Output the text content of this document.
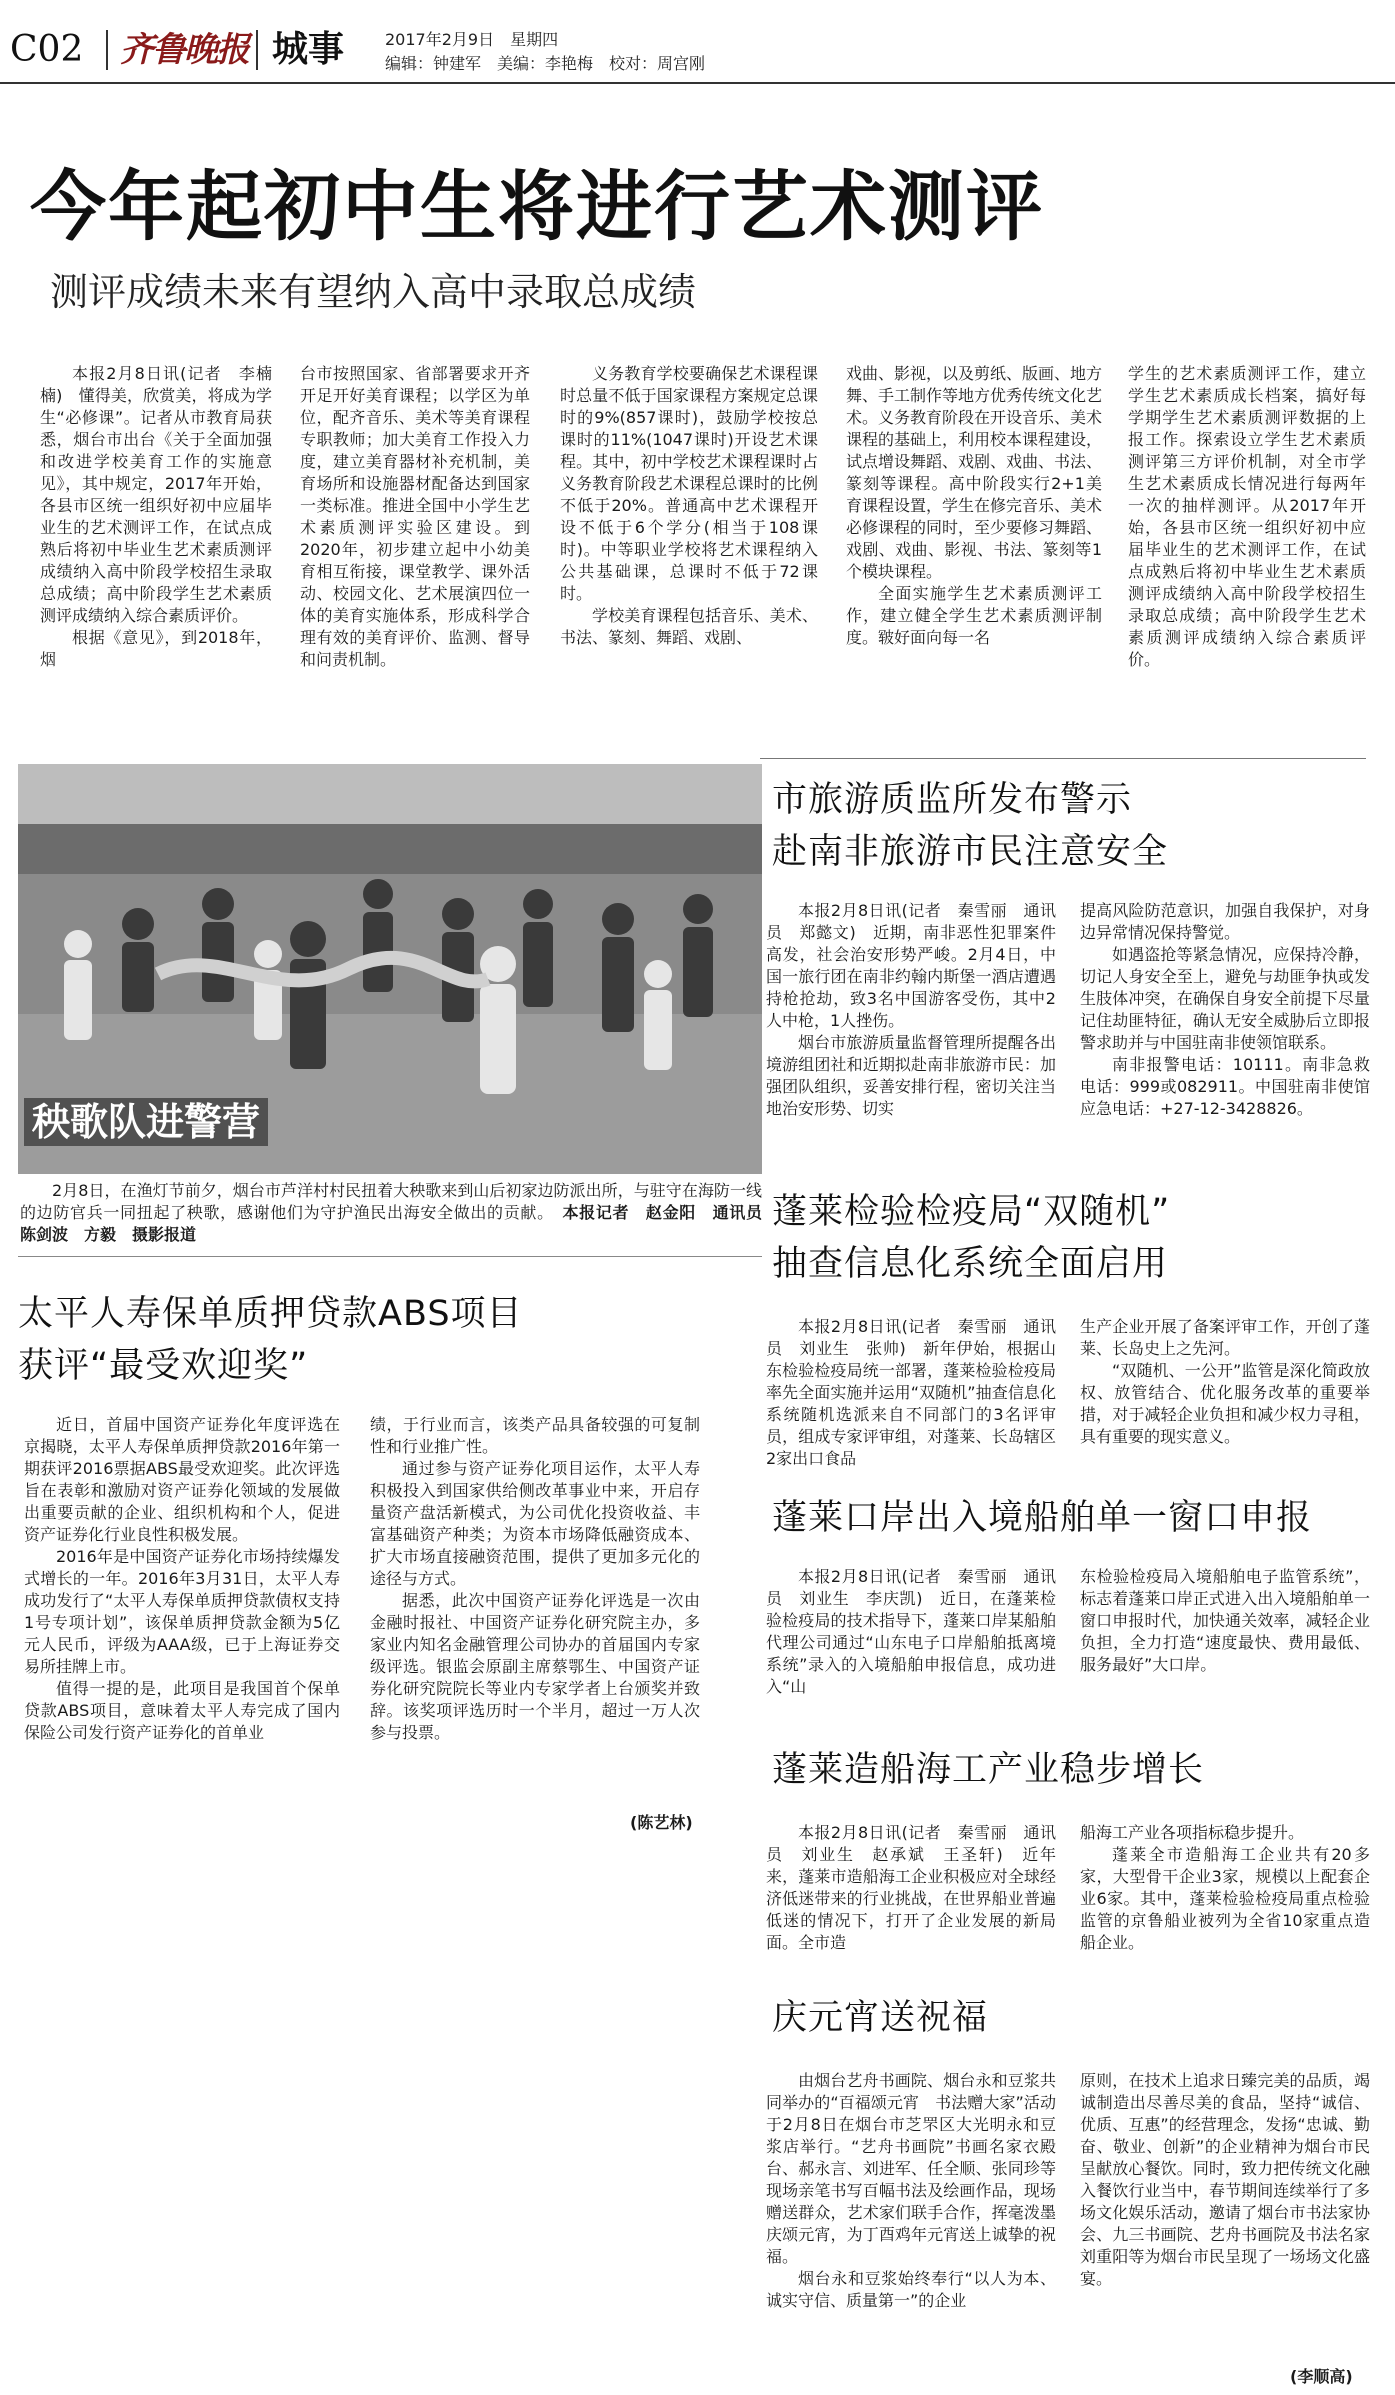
C02 齐鲁晚报 城事	2017年2月9日　星期四
编辑：钟建军　美编：李艳梅　校对：周宫刚
今年起初中生将进行艺术测评
测评成绩未来有望纳入高中录取总成绩

本报2月8日讯(记者　李楠楠)　懂得美，欣赏美，将成为学生“必修课”。记者从市教育局获悉，烟台市出台《关于全面加强和改进学校美育工作的实施意见》，其中规定，2017年开始，各县市区统一组织好初中应届毕业生的艺术测评工作，在试点成熟后将初中毕业生艺术素质测评成绩纳入高中阶段学校招生录取总成绩；高中阶段学生艺术素质测评成绩纳入综合素质评价。

根据《意见》，到2018年，烟

台市按照国家、省部署要求开齐开足开好美育课程；以学区为单位，配齐音乐、美术等美育课程专职教师；加大美育工作投入力度，建立美育器材补充机制，美育场所和设施器材配备达到国家一类标准。推进全国中小学生艺术素质测评实验区建设。到2020年，初步建立起中小幼美育相互衔接，课堂教学、课外活动、校园文化、艺术展演四位一体的美育实施体系，形成科学合理有效的美育评价、监测、督导和问责机制。

义务教育学校要确保艺术课程课时总量不低于国家课程方案规定总课时的9%(857课时)，鼓励学校按总课时的11%(1047课时)开设艺术课程。其中，初中学校艺术课程课时占义务教育阶段艺术课程总课时的比例不低于20%。普通高中艺术课程开设不低于6个学分(相当于108课时)。中等职业学校将艺术课程纳入公共基础课，总课时不低于72课时。

学校美育课程包括音乐、美术、书法、篆刻、舞蹈、戏剧、

戏曲、影视，以及剪纸、版画、地方舞、手工制作等地方优秀传统文化艺术。义务教育阶段在开设音乐、美术课程的基础上，利用校本课程建设，试点增设舞蹈、戏剧、戏曲、书法、篆刻等课程。高中阶段实行2+1美育课程设置，学生在修完音乐、美术必修课程的同时，至少要修习舞蹈、戏剧、戏曲、影视、书法、篆刻等1个模块课程。

全面实施学生艺术素质测评工作，建立健全学生艺术素质测评制度。皲好面向每一名

学生的艺术素质测评工作，建立学生艺术素质成长档案，搞好每学期学生艺术素质测评数据的上报工作。探索设立学生艺术素质测评第三方评价机制，对全市学生艺术素质成长情况进行每两年一次的抽样测评。从2017年开始，各县市区统一组织好初中应届毕业生的艺术测评工作，在试点成熟后将初中毕业生艺术素质测评成绩纳入高中阶段学校招生录取总成绩；高中阶段学生艺术素质测评成绩纳入综合素质评价。

秧歌队进警营

2月8日，在渔灯节前夕，烟台市芦洋村村民扭着大秧歌来到山后初家边防派出所，与驻守在海防一线的边防官兵一同扭起了秧歌，感谢他们为守护渔民出海安全做出的贡献。　 本报记者　赵金阳　通讯员　陈剑波　方毅　摄影报道

太平人寿保单质押贷款ABS项目
获评“最受欢迎奖”

近日，首届中国资产证券化年度评选在京揭晓，太平人寿保单质押贷款2016年第一期获评2016票据ABS最受欢迎奖。此次评选旨在表彰和激励对资产证券化领域的发展做出重要贡献的企业、组织机构和个人，促进资产证券化行业良性积极发展。

2016年是中国资产证券化市场持续爆发式增长的一年。2016年3月31日，太平人寿成功发行了“太平人寿保单质押贷款债权支持1号专项计划”，该保单质押贷款金额为5亿元人民币，评级为AAA级，已于上海证券交易所挂牌上市。

值得一提的是，此项目是我国首个保单贷款ABS项目，意味着太平人寿完成了国内保险公司发行资产证券化的首单业

绩，于行业而言，该类产品具备较强的可复制性和行业推广性。

通过参与资产证券化项目运作，太平人寿积极投入到国家供给侧改革事业中来，开启存量资产盘活新模式，为公司优化投资收益、丰富基础资产种类；为资本市场降低融资成本、扩大市场直接融资范围，提供了更加多元化的途径与方式。

据悉，此次中国资产证券化评选是一次由金融时报社、中国资产证券化研究院主办，多家业内知名金融管理公司协办的首届国内专家级评选。银监会原副主席蔡鄂生、中国资产证券化研究院院长等业内专家学者上台颁奖并致辞。该奖项评选历时一个半月，超过一万人次参与投票。

(陈艺林)
市旅游质监所发布警示
赴南非旅游市民注意安全

本报2月8日讯(记者　秦雪丽　通讯员　郑懿文)　近期，南非恶性犯罪案件高发，社会治安形势严峻。2月4日，中国一旅行团在南非约翰内斯堡一酒店遭遇持枪抢劫，致3名中国游客受伤，其中2人中枪，1人挫伤。

烟台市旅游质量监督管理所提醒各出境游组团社和近期拟赴南非旅游市民：加强团队组织，妥善安排行程，密切关注当地治安形势、切实

提高风险防范意识，加强自我保护，对身边异常情况保持警觉。

如遇盗抢等紧急情况，应保持冷静，切记人身安全至上，避免与劫匪争执或发生肢体冲突，在确保自身安全前提下尽量记住劫匪特征，确认无安全威胁后立即报警求助并与中国驻南非使领馆联系。

南非报警电话：10111。南非急救电话：999或082911。中国驻南非使馆应急电话：+27-12-3428826。

蓬莱检验检疫局“双随机”
抽查信息化系统全面启用

本报2月8日讯(记者　秦雪丽　通讯员　刘业生　张帅)　新年伊始，根据山东检验检疫局统一部署，蓬莱检验检疫局率先全面实施并运用“双随机”抽查信息化系统随机选派来自不同部门的3名评审员，组成专家评审组，对蓬莱、长岛辖区2家出口食品

生产企业开展了备案评审工作，开创了蓬莱、长岛史上之先河。

“双随机、一公开”监管是深化简政放权、放管结合、优化服务改革的重要举措，对于减轻企业负担和减少权力寻租，具有重要的现实意义。

蓬莱口岸出入境船舶单一窗口申报

本报2月8日讯(记者　秦雪丽　通讯员　刘业生　李庆凯)　近日，在蓬莱检验检疫局的技术指导下，蓬莱口岸某船舶代理公司通过“山东电子口岸船舶抵离境系统”录入的入境船舶申报信息，成功进入“山

东检验检疫局入境船舶电子监管系统”，标志着蓬莱口岸正式进入出入境船舶单一窗口申报时代，加快通关效率，减轻企业负担，全力打造“速度最快、费用最低、服务最好”大口岸。

蓬莱造船海工产业稳步增长

本报2月8日讯(记者　秦雪丽　通讯员　刘业生　赵承斌　王圣轩)　近年来，蓬莱市造船海工企业积极应对全球经济低迷带来的行业挑战，在世界船业普遍低迷的情况下，打开了企业发展的新局面。全市造

船海工产业各项指标稳步提升。

蓬莱全市造船海工企业共有20多家，大型骨干企业3家，规模以上配套企业6家。其中，蓬莱检验检疫局重点检验监管的京鲁船业被列为全省10家重点造船企业。

庆元宵送祝福

由烟台艺舟书画院、烟台永和豆浆共同举办的“百福颂元宵　书法赠大家”活动于2月8日在烟台市芝罘区大光明永和豆浆店举行。“艺舟书画院”书画名家衣殿台、郝永言、刘进军、任全顺、张同珍等现场亲笔书写百幅书法及绘画作品，现场赠送群众，艺术家们联手合作，挥毫泼墨庆颂元宵，为丁酉鸡年元宵送上诚挚的祝福。

烟台永和豆浆始终奉行“以人为本、诚实守信、质量第一”的企业

原则，在技术上追求日臻完美的品质，竭诚制造出尽善尽美的食品，坚持“诚信、优质、互惠”的经营理念，发扬“忠诚、勤奋、敬业、创新”的企业精神为烟台市民呈献放心餐饮。同时，致力把传统文化融入餐饮行业当中，春节期间连续举行了多场文化娱乐活动，邀请了烟台市书法家协会、九三书画院、艺舟书画院及书法名家刘重阳等为烟台市民呈现了一场场文化盛宴。

(李顺高)
